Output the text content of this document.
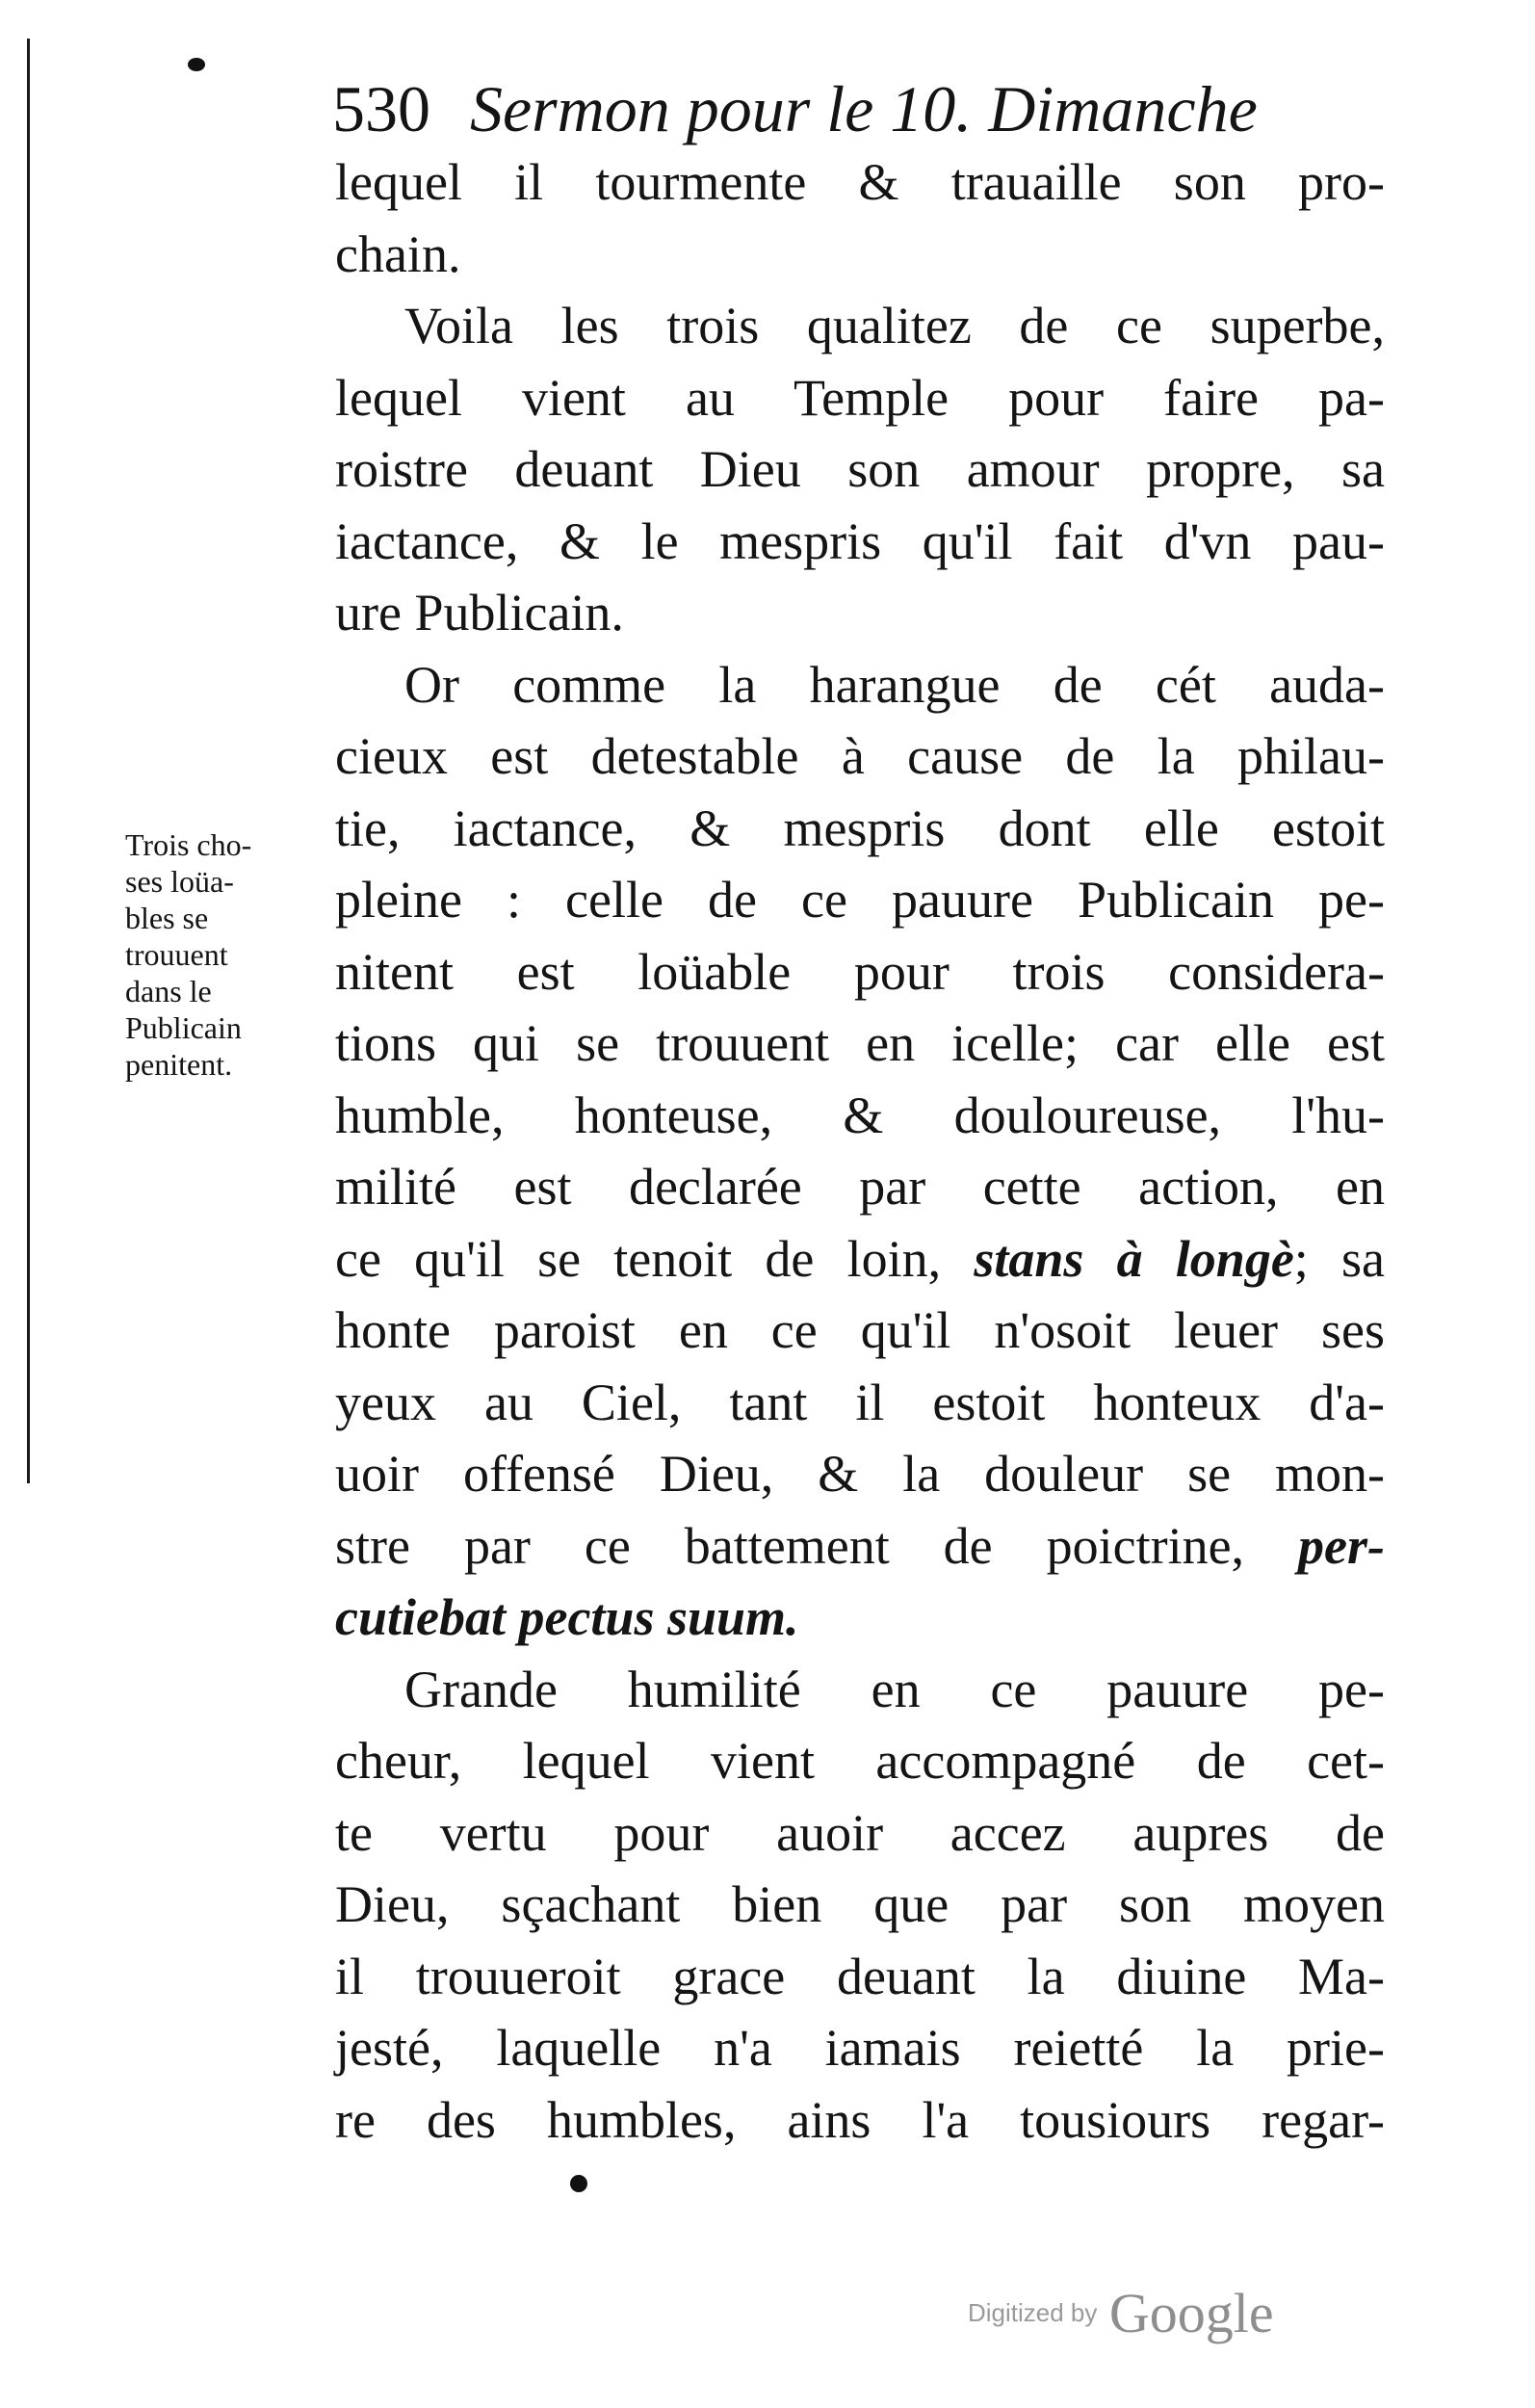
530 Sermon pour le 10. Dimanche
lequel il tourmente & trauaille son pro-
chain.
Voila les trois qualitez de ce superbe,
lequel vient au Temple pour faire pa-
roistre deuant Dieu son amour propre, sa
iactance, & le mespris qu'il fait d'vn pau-
ure Publicain.
Or comme la harangue de cét auda-
cieux est detestable à cause de la philau-
tie, iactance, & mespris dont elle estoit
pleine : celle de ce pauure Publicain pe-
nitent est loüable pour trois considera-
tions qui se trouuent en icelle; car elle est
humble, honteuse, & douloureuse, l'hu-
milité est declarée par cette action, en
ce qu'il se tenoit de loin, stans à longè; sa
honte paroist en ce qu'il n'osoit leuer ses
yeux au Ciel, tant il estoit honteux d'a-
uoir offensé Dieu, & la douleur se mon-
stre par ce battement de poictrine, per-
cutiebat pectus suum.
Grande humilité en ce pauure pe-
cheur, lequel vient accompagné de cet-
te vertu pour auoir accez aupres de
Dieu, sçachant bien que par son moyen
il trouueroit grace deuant la diuine Ma-
jesté, laquelle n'a iamais reietté la prie-
re des humbles, ains l'a tousiours regar-
Trois cho-
ses loüa-
bles se
trouuent
dans le
Publicain
penitent.
Digitized by Google
